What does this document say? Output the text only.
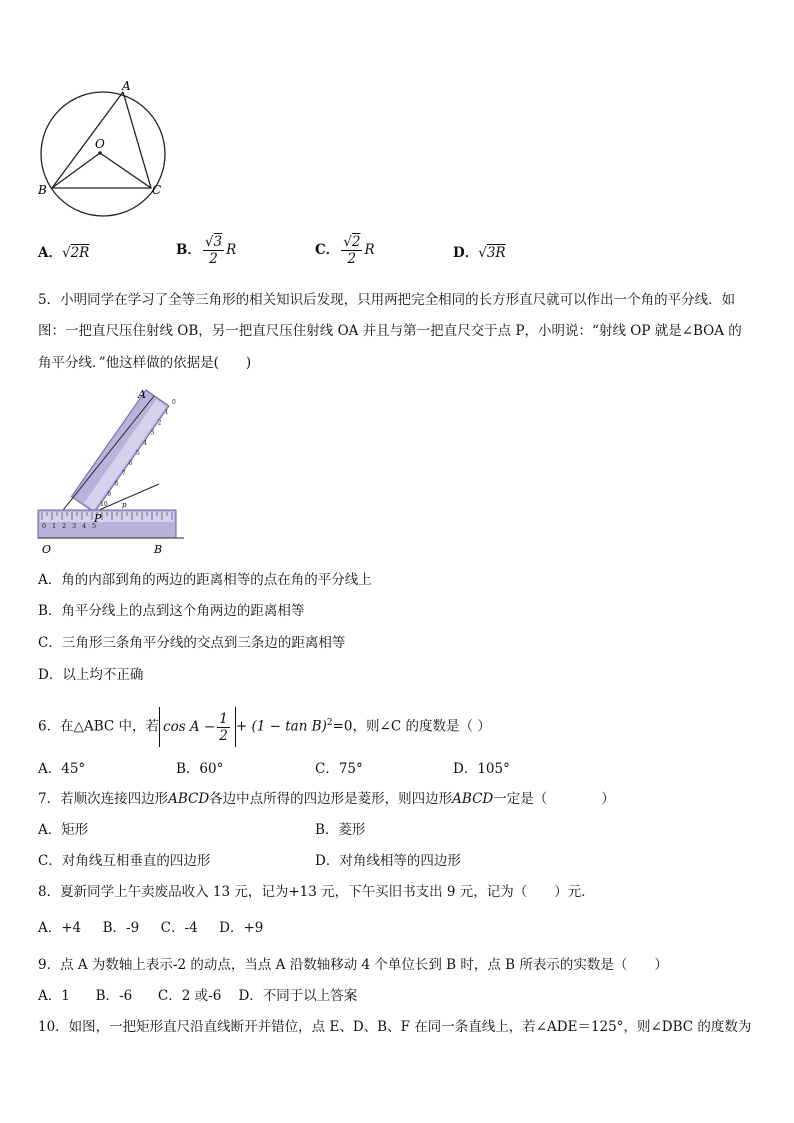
A
O
B	C
A．√2R	B． $\frac{√3}{2}$ R	C． $\frac{√2}{2}$ R	D．√3R
5．小明同学在学习了全等三角形的相关知识后发现，只用两把完全相同的长方形直尺就可以作出一个角的平分线．如
图：一把直尺压住射线 OB，另一把直尺压住射线 OA 并且与第一把直尺交于点 P，小明说：“射线 OP 就是∠BOA 的
角平分线．”他这样做的依据是(　　)
0
1
2
3
4
5
6
7
8
9
10
0 1 2 3 4 5
A
p
P
O	B
A．角的内部到角的两边的距离相等的点在角的平分线上
B．角平分线上的点到这个角两边的距离相等
C．三角形三条角平分线的交点到三条边的距离相等
D．以上均不正确
6．在△ABC 中，若 $\cos A - \frac{1}{2} + (1 - \tan B)^2=0$，则∠C 的度数是（ ）
A．45°	B．60°	C．75°	D．105°
7．若顺次连接四边形ABCD各边中点所得的四边形是菱形，则四边形ABCD一定是（　　　　）
A．矩形	B．菱形
C．对角线互相垂直的四边形	D．对角线相等的四边形
8．夏新同学上午卖废品收入 13 元，记为+13 元，下午买旧书支出 9 元，记为（　　）元．
A．+4 B．-9 C．-4 D．+9
9．点 A 为数轴上表示-2 的动点，当点 A 沿数轴移动 4 个单位长到 B 时，点 B 所表示的实数是（　　）
A．1 B．-6 C．2 或-6 D．不同于以上答案
10．如图，一把矩形直尺沿直线断开并错位，点 E、D、B、F 在同一条直线上，若∠ADE＝125°，则∠DBC 的度数为
